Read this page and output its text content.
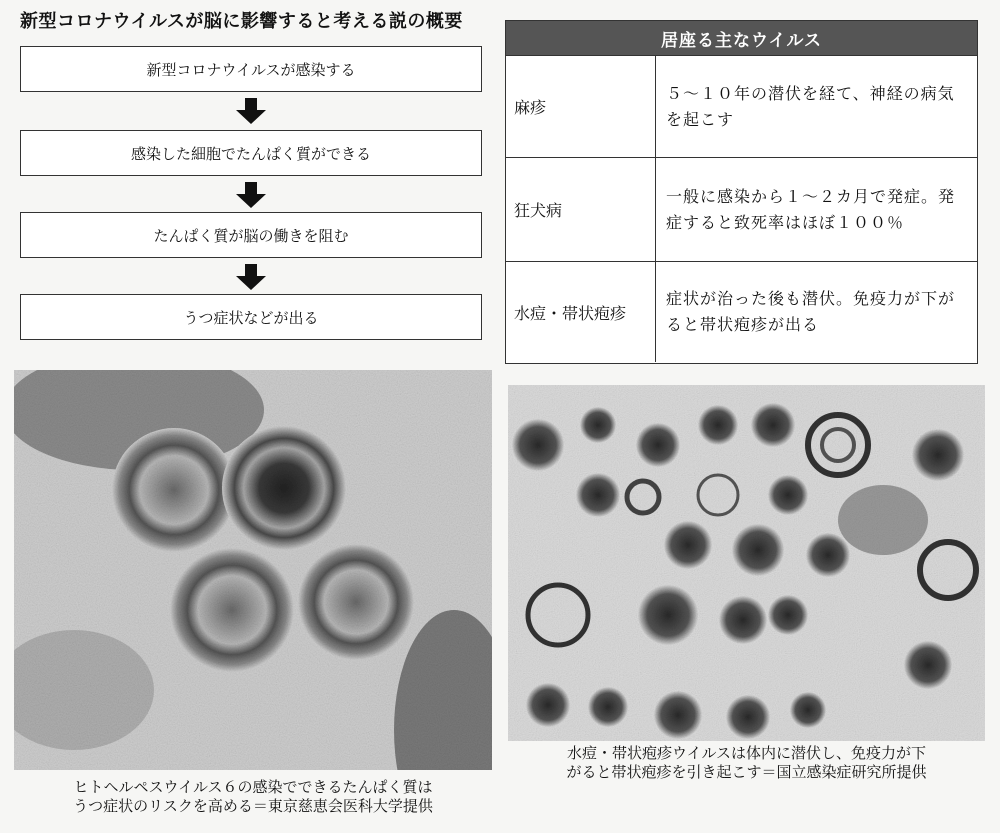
新型コロナウイルスが脳に影響すると考える説の概要
新型コロナウイルスが感染する
感染した細胞でたんぱく質ができる
たんぱく質が脳の働きを阻む
うつ症状などが出る
居座る主なウイルス
麻疹
５～１０年の潜伏を経て、神経の病気を起こす
狂犬病
一般に感染から１～２カ月で発症。発症すると致死率はほぼ１００％
水痘・帯状疱疹
症状が治った後も潜伏。免疫力が下がると帯状疱疹が出る
ヒトヘルペスウイルス６の感染でできるたんぱく質は
うつ症状のリスクを高める＝東京慈恵会医科大学提供
水痘・帯状疱疹ウイルスは体内に潜伏し、免疫力が下
がると帯状疱疹を引き起こす＝国立感染症研究所提供
